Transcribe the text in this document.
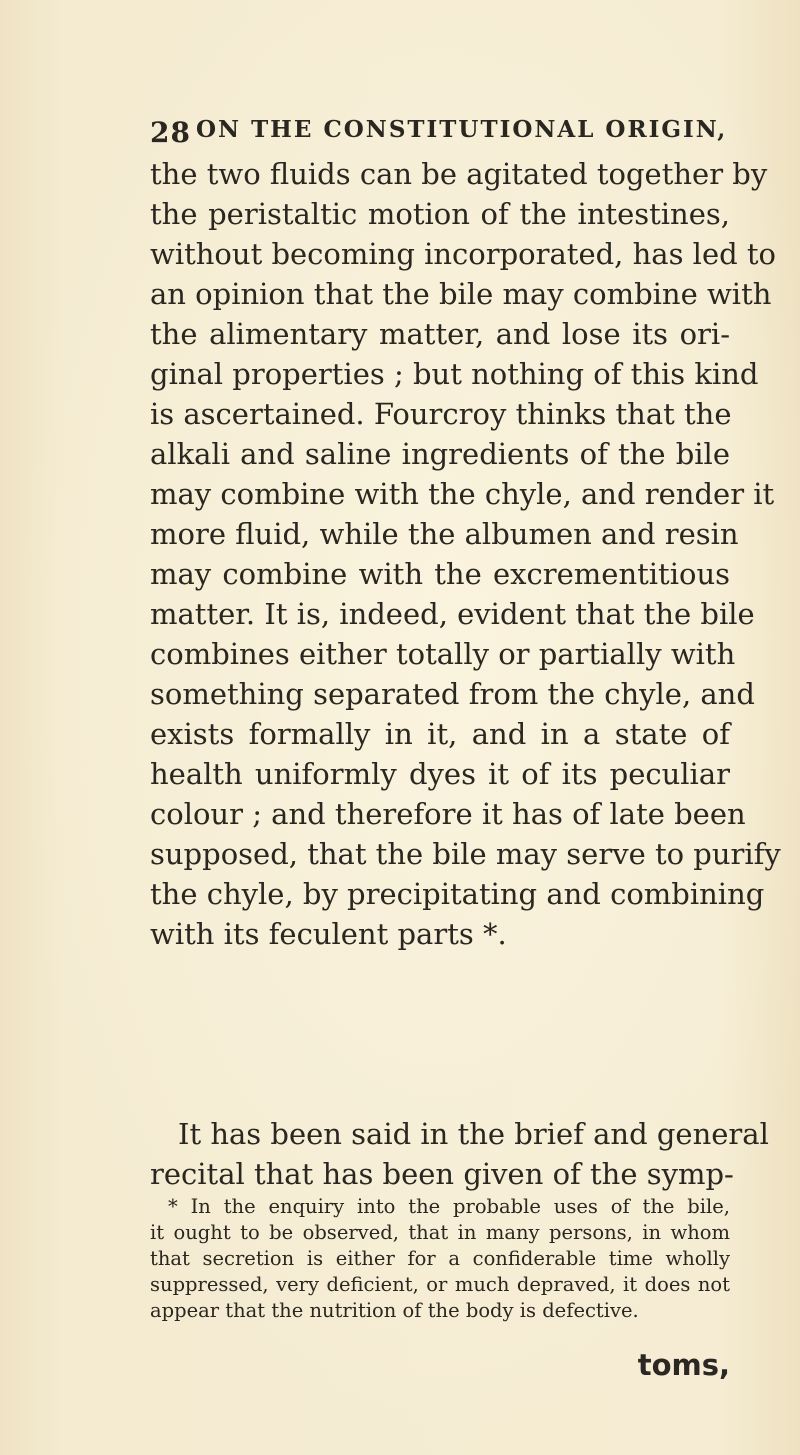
28 ON THE CONSTITUTIONAL ORIGIN,
the two fluids can be agitated together by
the peristaltic motion of the intestines,
without becoming incorporated, has led to
an opinion that the bile may combine with
the alimentary matter, and lose its ori-
ginal properties ; but nothing of this kind
is ascertained. Fourcroy thinks that the
alkali and saline ingredients of the bile
may combine with the chyle, and render it
more fluid, while the albumen and resin
may combine with the excrementitious
matter. It is, indeed, evident that the bile
combines either totally or partially with
something separated from the chyle, and
exists formally in it, and in a state of
health uniformly dyes it of its peculiar
colour ; and therefore it has of late been
supposed, that the bile may serve to purify
the chyle, by precipitating and combining
with its feculent parts *.
It has been said in the brief and general
recital that has been given of the symp-
* In the enquiry into the probable uses of the bile,
it ought to be observed, that in many persons, in whom
that secretion is either for a confiderable time wholly
suppressed, very deficient, or much depraved, it does not
appear that the nutrition of the body is defective.
toms,
